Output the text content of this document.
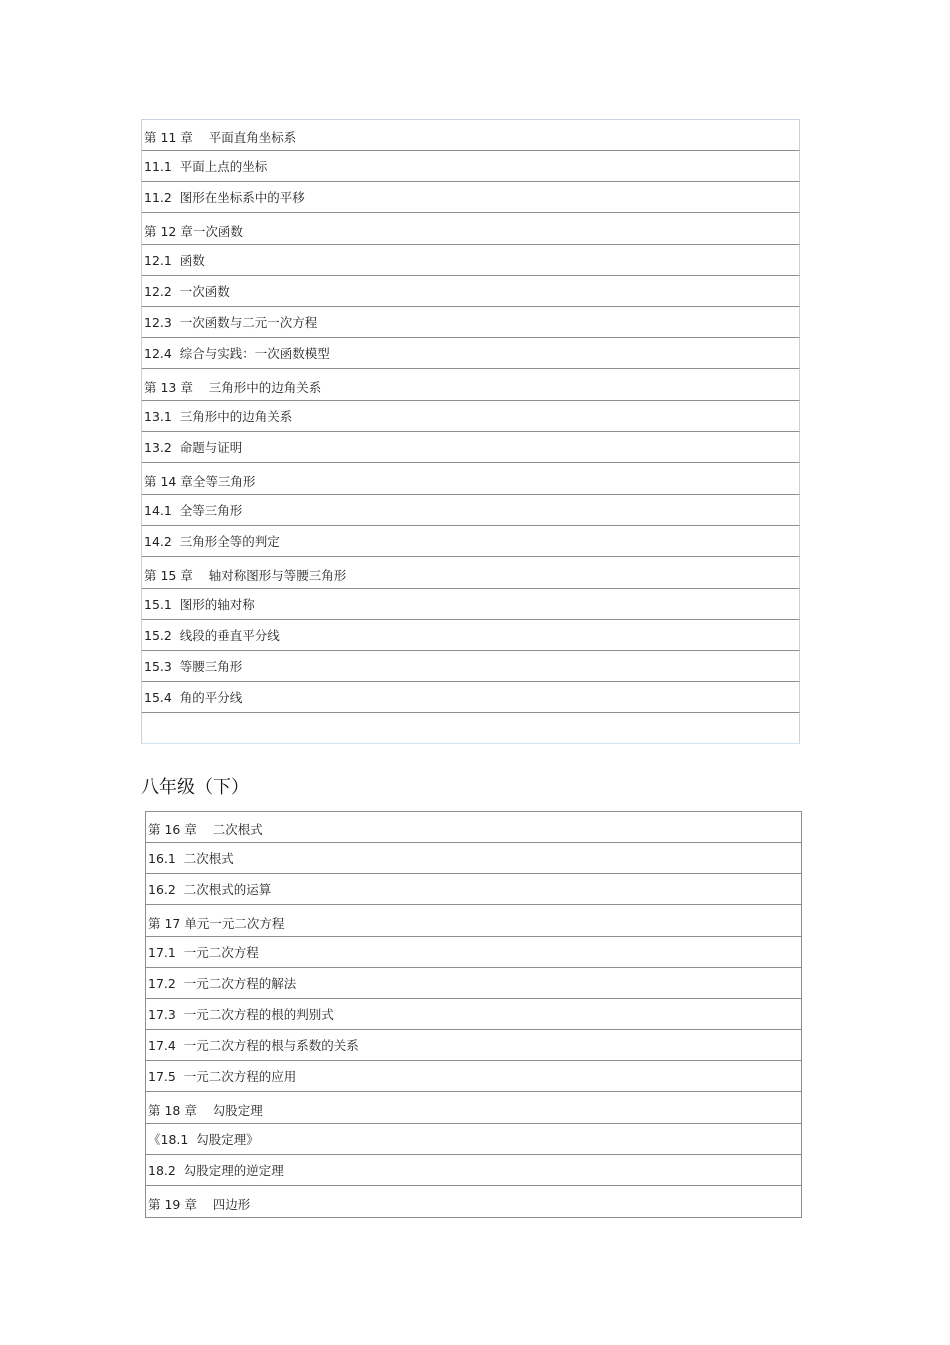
第 11 章    平面直角坐标系
11.1  平面上点的坐标
11.2  图形在坐标系中的平移
第 12 章一次函数
12.1  函数
12.2  一次函数
12.3  一次函数与二元一次方程
12.4  综合与实践：一次函数模型
第 13 章    三角形中的边角关系
13.1  三角形中的边角关系
13.2  命题与证明
第 14 章全等三角形
14.1  全等三角形
14.2  三角形全等的判定
第 15 章    轴对称图形与等腰三角形
15.1  图形的轴对称
15.2  线段的垂直平分线
15.3  等腰三角形
15.4  角的平分线
八年级（下）
第 16 章    二次根式
16.1  二次根式
16.2  二次根式的运算
第 17 单元一元二次方程
17.1  一元二次方程
17.2  一元二次方程的解法
17.3  一元二次方程的根的判别式
17.4  一元二次方程的根与系数的关系
17.5  一元二次方程的应用
第 18 章    勾股定理
《18.1  勾股定理》
18.2  勾股定理的逆定理
第 19 章    四边形
